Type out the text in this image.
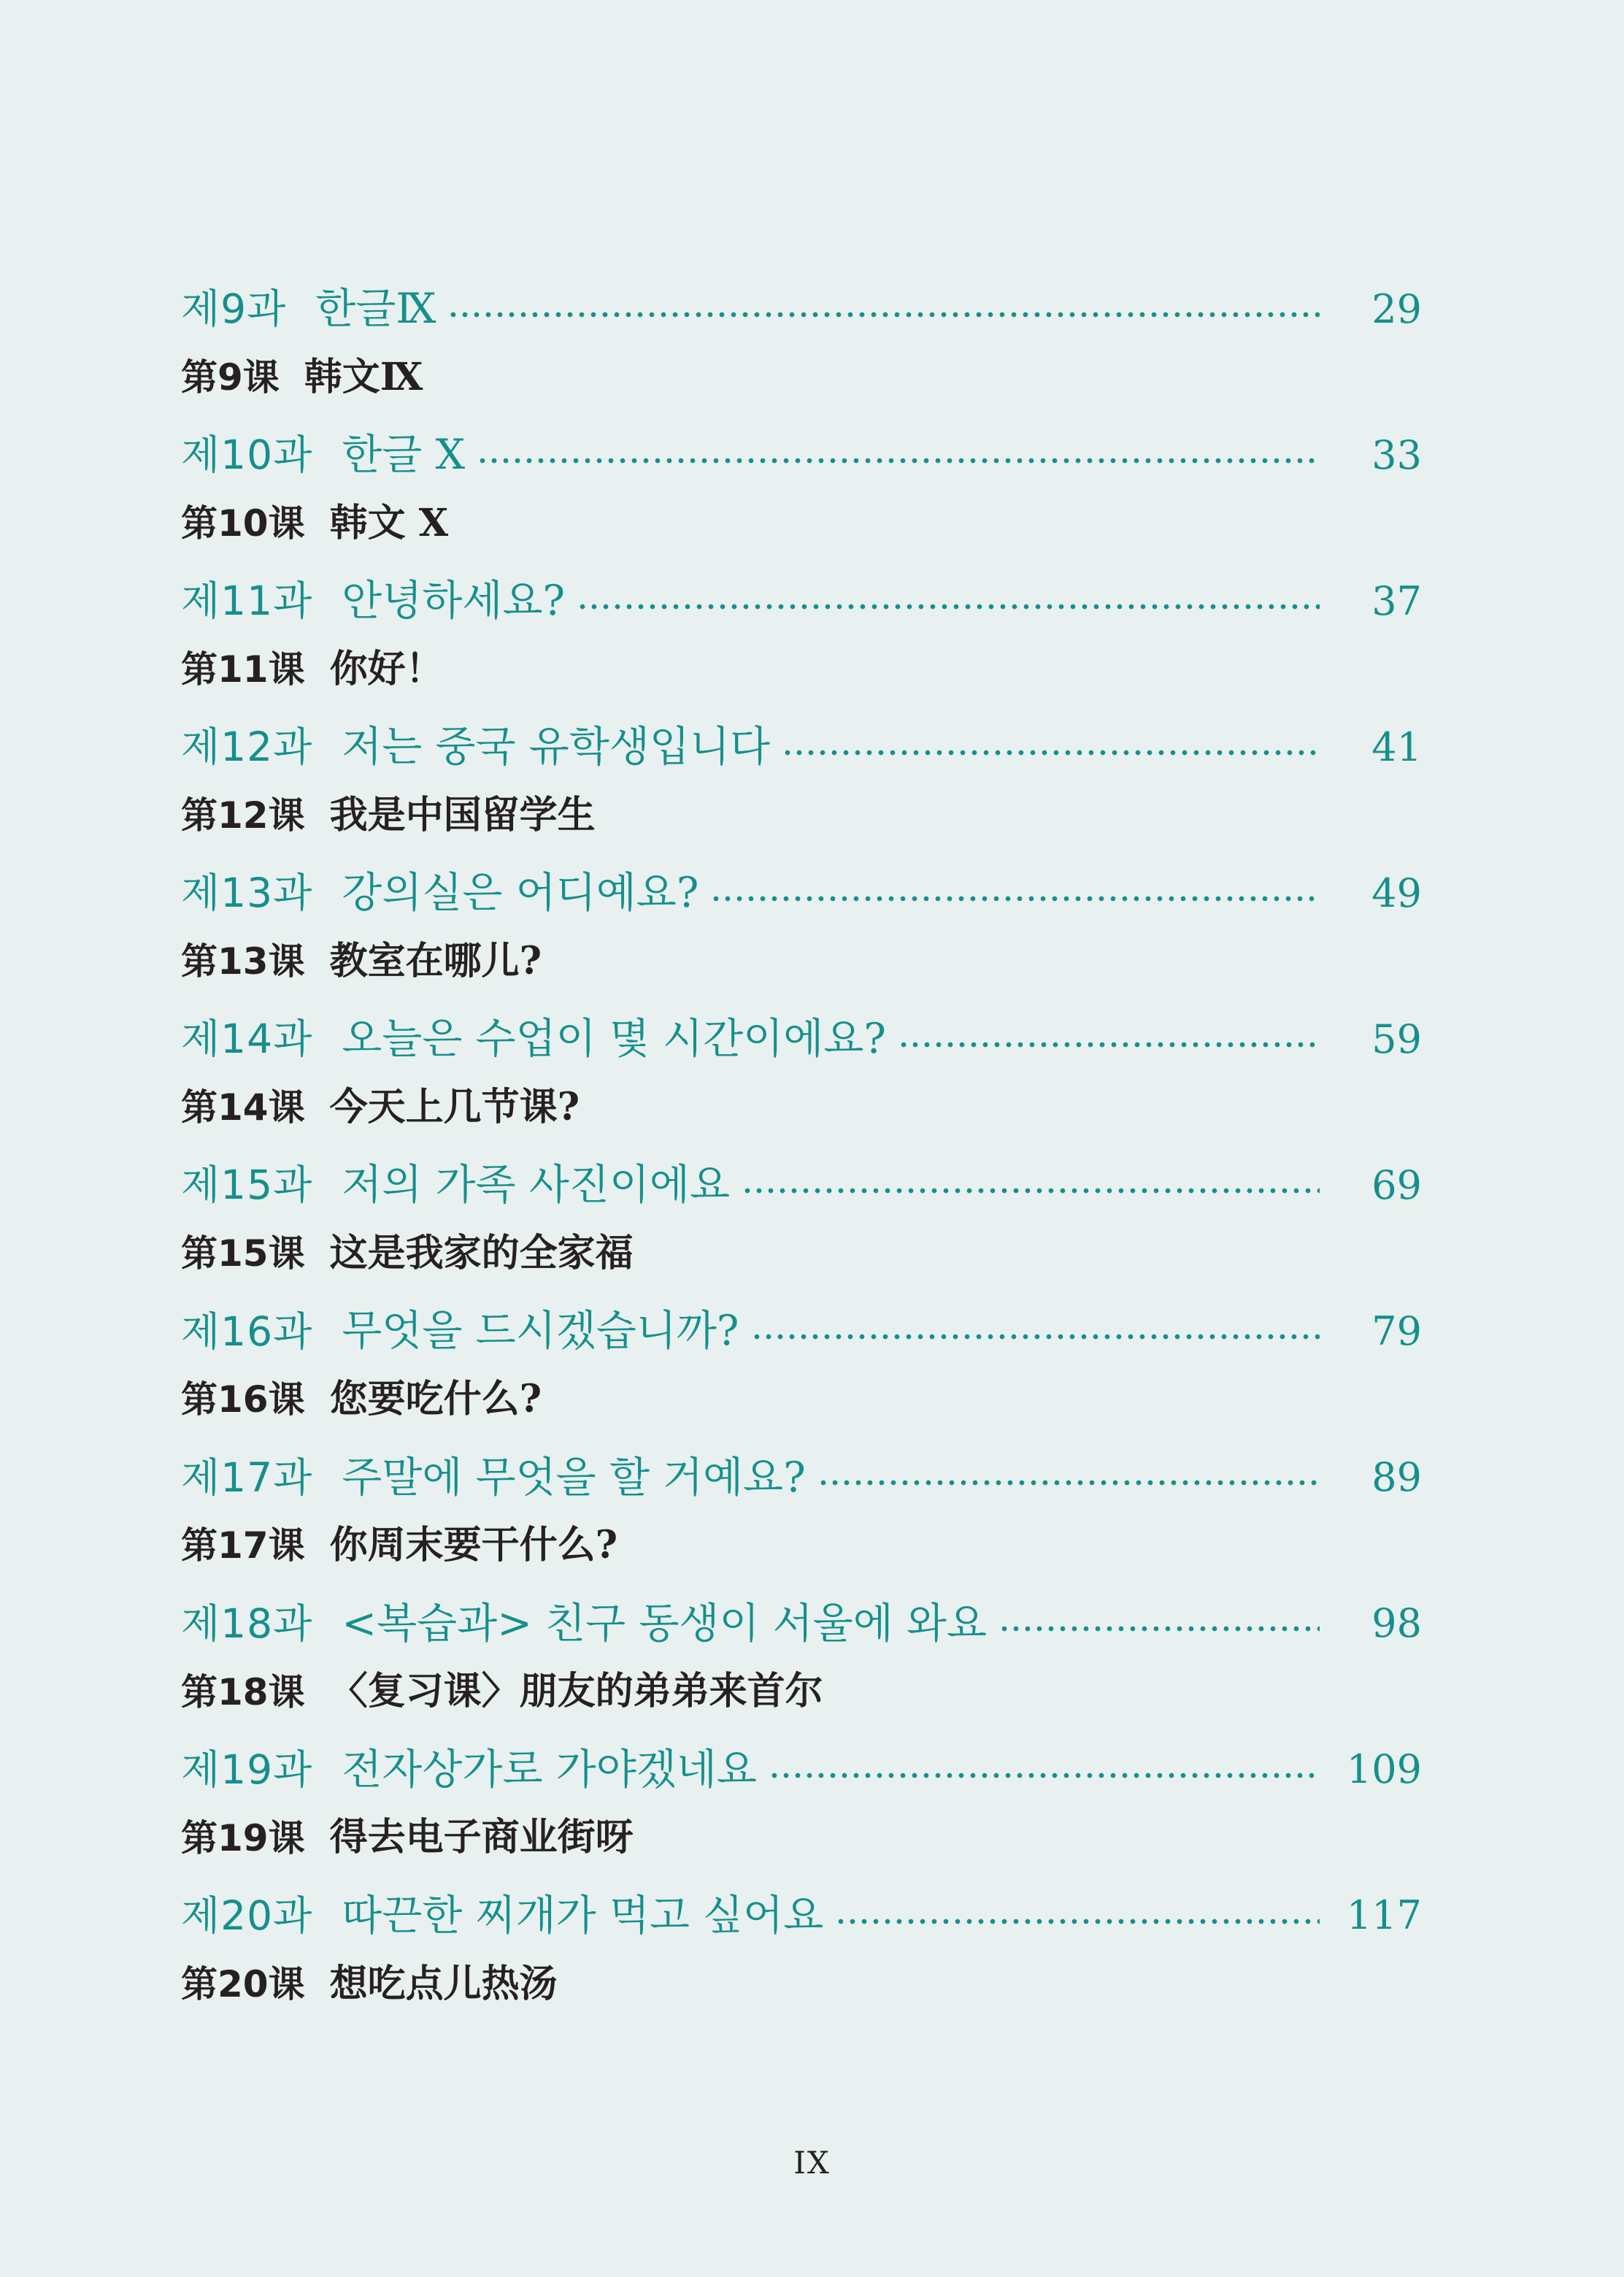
제9과 한글Ⅸ	29
第9课 韩文Ⅸ
제10과 한글 Ⅹ	33
第10课 韩文 Ⅹ
제11과 안녕하세요?	37
第11课 你好！
제12과 저는 중국 유학생입니다	41
第12课 我是中国留学生
제13과 강의실은 어디예요?	49
第13课 教室在哪儿?
제14과 오늘은 수업이 몇 시간이에요?	59
第14课 今天上几节课?
제15과 저의 가족 사진이에요	69
第15课 这是我家的全家福
제16과 무엇을 드시겠습니까?	79
第16课 您要吃什么?
제17과 주말에 무엇을 할 거예요?	89
第17课 你周末要干什么?
제18과 <복습과> 친구 동생이 서울에 와요	98
第18课 〈复习课〉朋友的弟弟来首尔
제19과 전자상가로 가야겠네요	109
第19课 得去电子商业街呀
제20과 따끈한 찌개가 먹고 싶어요	117
第20课 想吃点儿热汤
IX
